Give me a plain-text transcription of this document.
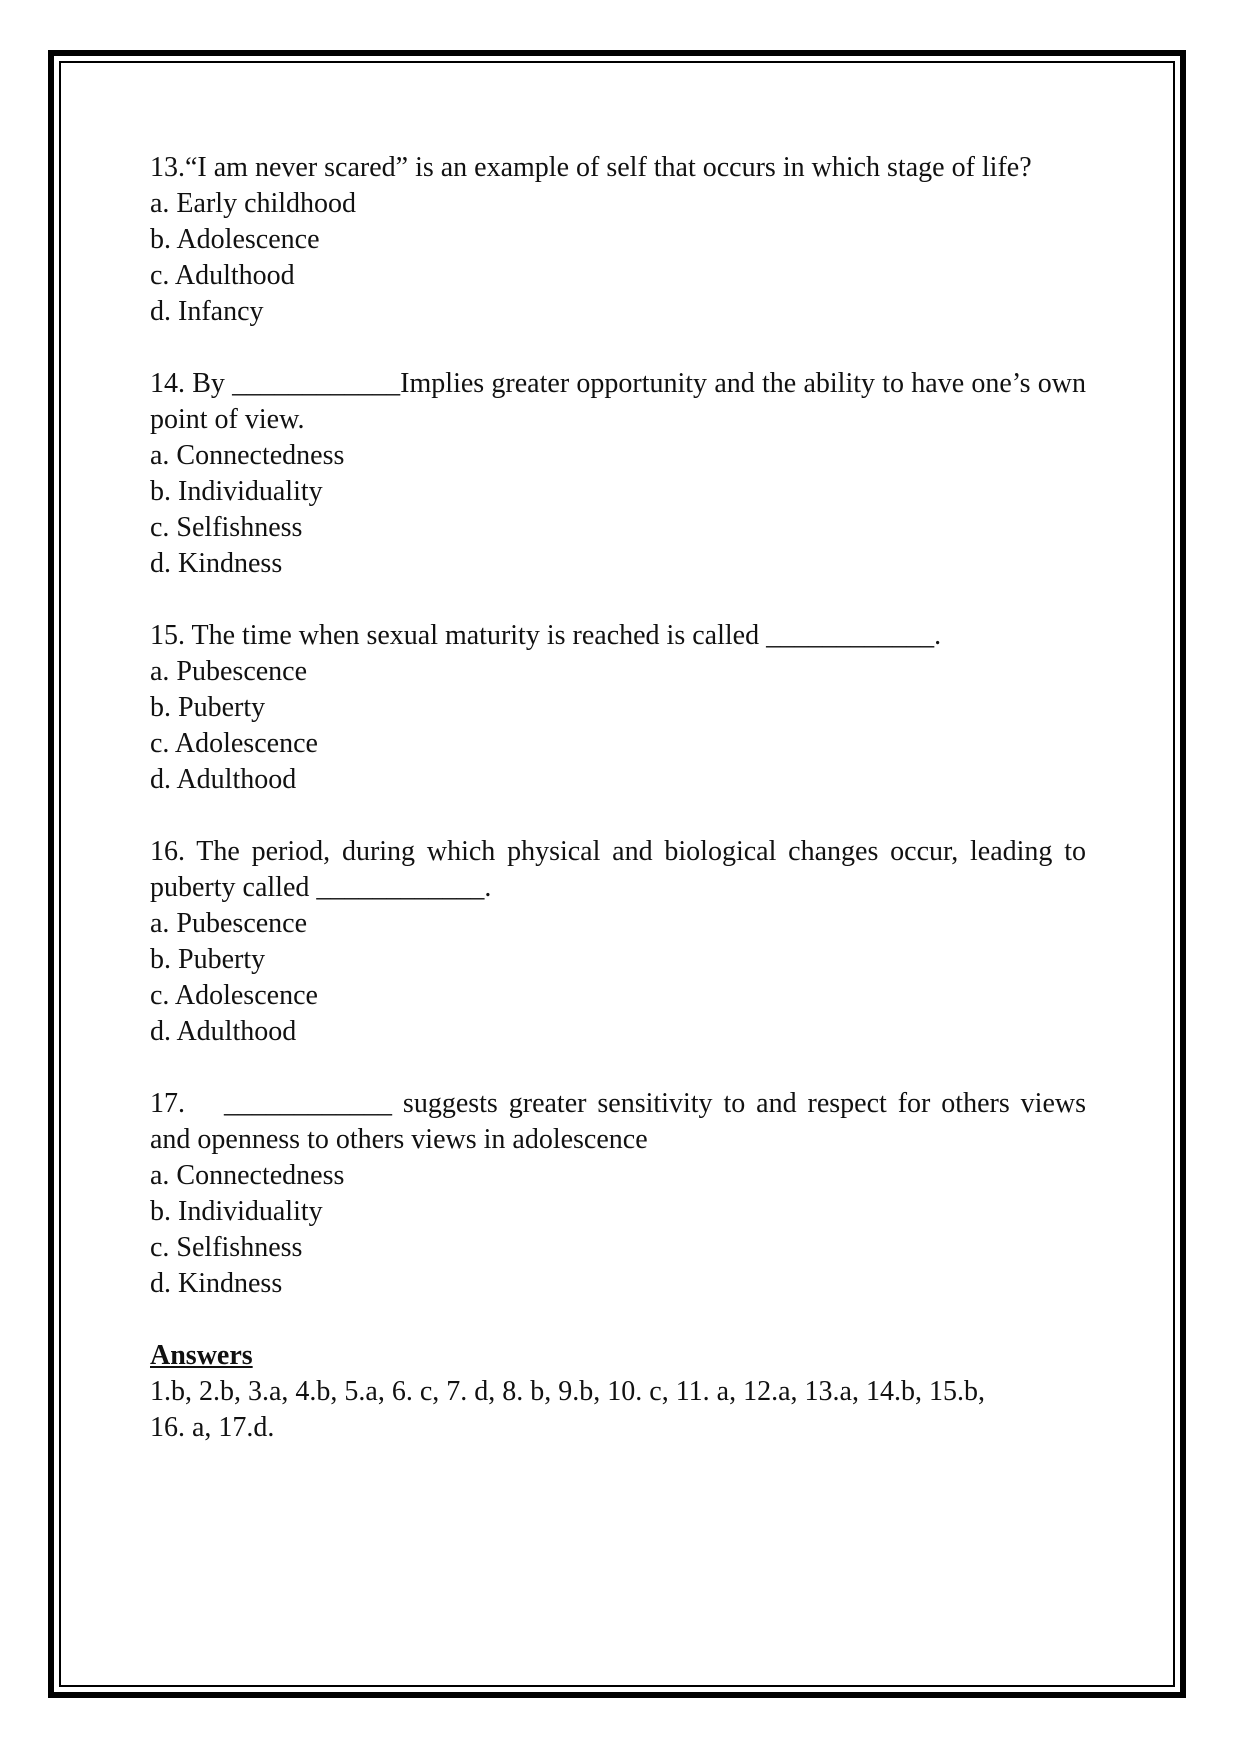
13.“I am never scared” is an example of self that occurs in which stage of life?

a. Early childhood

b. Adolescence

c. Adulthood

d. Infancy

14. By ____________Implies greater opportunity and the ability to have one’s own point of view.

a. Connectedness

b. Individuality

c. Selfishness

d. Kindness

15. The time when sexual maturity is reached is called ____________.

a. Pubescence

b. Puberty

c. Adolescence

d. Adulthood

16. The period, during which physical and biological changes occur, leading to puberty called ____________.

a. Pubescence

b. Puberty

c. Adolescence

d. Adulthood

17. ____________ suggests greater sensitivity to and respect for others views and openness to others views in adolescence

a. Connectedness

b. Individuality

c. Selfishness

d. Kindness

Answers

1.b, 2.b, 3.a, 4.b, 5.a, 6. c, 7. d, 8. b, 9.b, 10. c, 11. a, 12.a, 13.a, 14.b, 15.b,

16. a, 17.d.
